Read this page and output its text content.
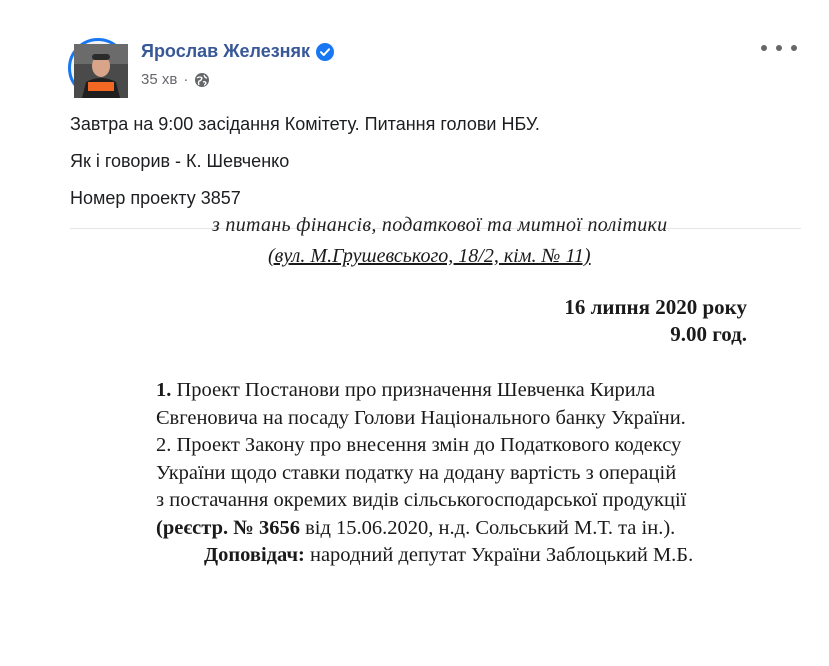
Ярослав Железняк
35 хв ·

Завтра на 9:00 засідання Комітету. Питання голови НБУ.

Як і говорив - К. Шевченко

Номер проекту 3857

з питань фінансів, податкової та митної політики
(вул. М.Грушевського, 18/2, кім. № 11)
16 липня 2020 року
9.00 год.
1. Проект Постанови про призначення Шевченка Кирила
Євгеновича на посаду Голови Національного банку України.
2. Проект Закону про внесення змін до Податкового кодексу
України щодо ставки податку на додану вартість з операцій
з постачання окремих видів сільськогосподарської продукції
(реєстр. № 3656 від 15.06.2020, н.д. Сольський М.Т. та ін.).
Доповідач: народний депутат України Заблоцький М.Б.
